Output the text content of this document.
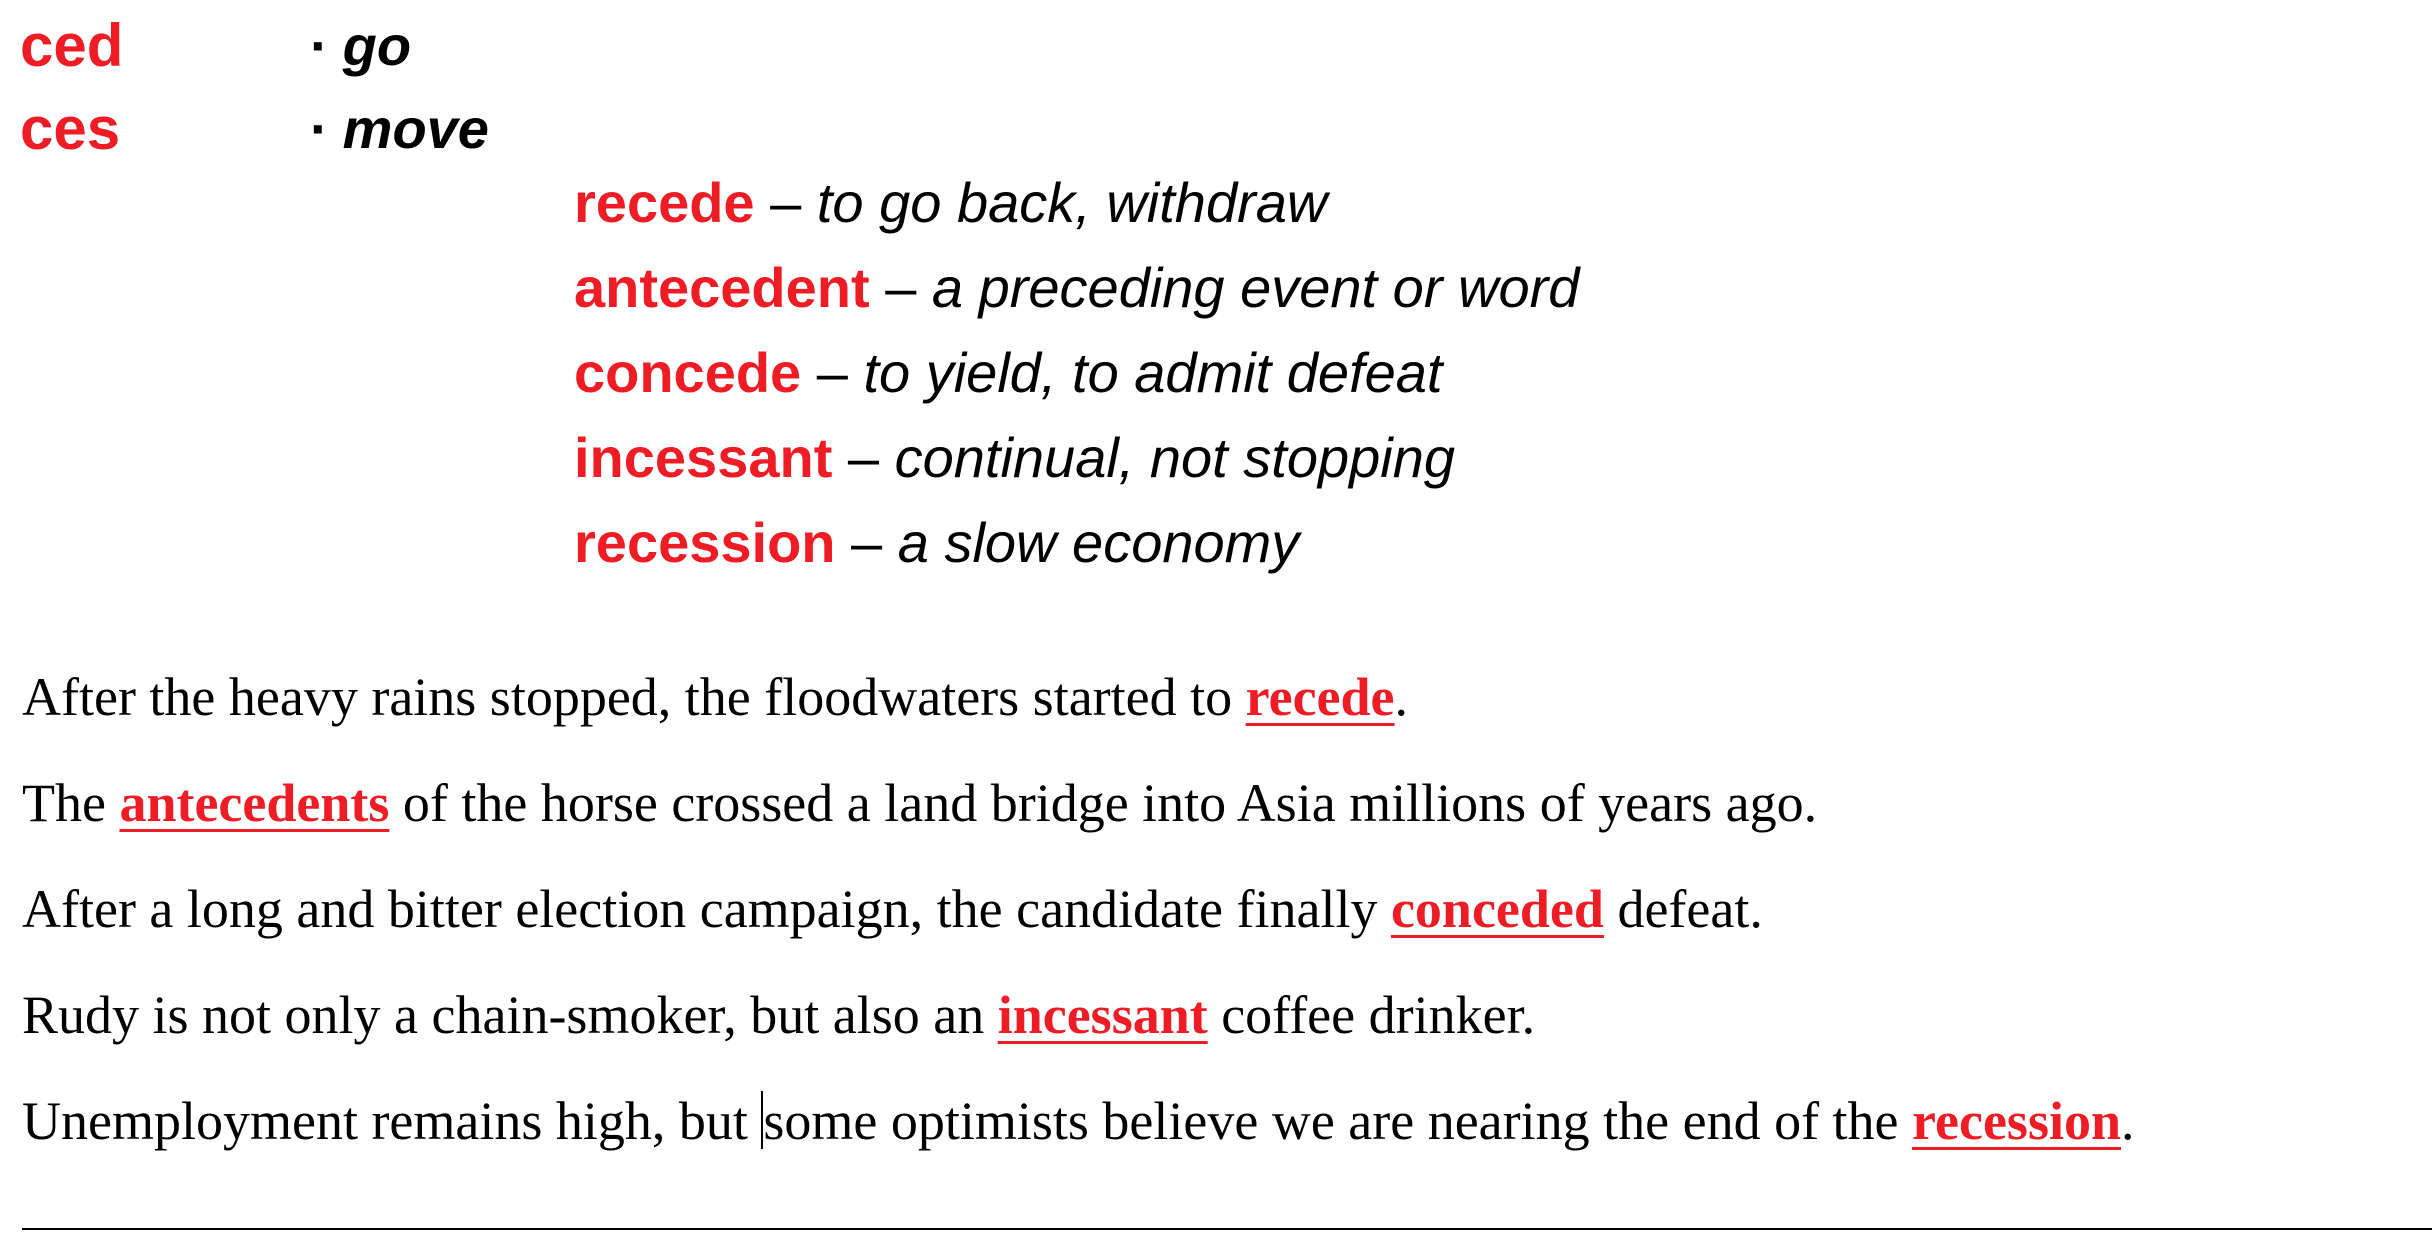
ced	· go
ces	· move
recede – to go back, withdraw
antecedent – a preceding event or word
concede – to yield, to admit defeat
incessant – continual, not stopping
recession – a slow economy
After the heavy rains stopped, the floodwaters started to recede.
The antecedents of the horse crossed a land bridge into Asia millions of years ago.
After a long and bitter election campaign, the candidate finally conceded defeat.
Rudy is not only a chain-smoker, but also an incessant coffee drinker.
Unemployment remains high, but some optimists believe we are nearing the end of the recession.
